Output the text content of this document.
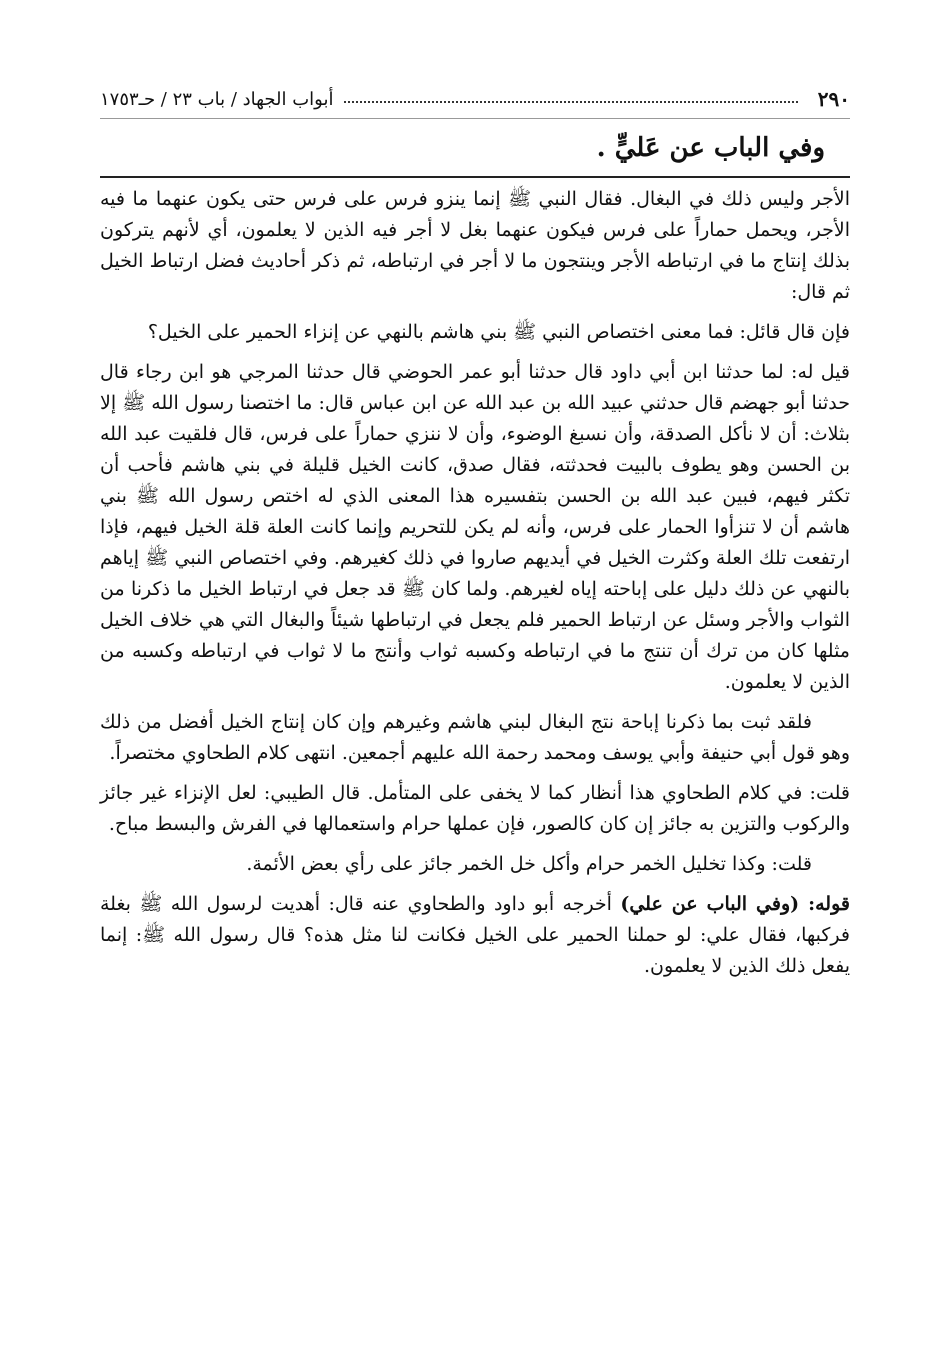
٢٩٠
أبواب الجهاد / باب ٢٣ / حـ١٧٥٣
وفي الباب عن عَليٍّ .

الأجر وليس ذلك في البغال. فقال النبي ﷺ إنما ينزو فرس على فرس حتى يكون عنهما ما فيه الأجر، ويحمل حماراً على فرس فيكون عنهما بغل لا أجر فيه الذين لا يعلمون، أي لأنهم يتركون بذلك إنتاج ما في ارتباطه الأجر وينتجون ما لا أجر في ارتباطه، ثم ذكر أحاديث فضل ارتباط الخيل ثم قال:

فإن قال قائل: فما معنى اختصاص النبي ﷺ بني هاشم بالنهي عن إنزاء الحمير على الخيل؟

قيل له: لما حدثنا ابن أبي داود قال حدثنا أبو عمر الحوضي قال حدثنا المرجي هو ابن رجاء قال حدثنا أبو جهضم قال حدثني عبيد الله بن عبد الله عن ابن عباس قال: ما اختصنا رسول الله ﷺ إلا بثلاث: أن لا نأكل الصدقة، وأن نسبغ الوضوء، وأن لا ننزي حماراً على فرس، قال فلقيت عبد الله بن الحسن وهو يطوف بالبيت فحدثته، فقال صدق، كانت الخيل قليلة في بني هاشم فأحب أن تكثر فيهم، فبين عبد الله بن الحسن بتفسيره هذا المعنى الذي له اختص رسول الله ﷺ بني هاشم أن لا تنزأوا الحمار على فرس، وأنه لم يكن للتحريم وإنما كانت العلة قلة الخيل فيهم، فإذا ارتفعت تلك العلة وكثرت الخيل في أيديهم صاروا في ذلك كغيرهم. وفي اختصاص النبي ﷺ إياهم بالنهي عن ذلك دليل على إباحته إياه لغيرهم. ولما كان ﷺ قد جعل في ارتباط الخيل ما ذكرنا من الثواب والأجر وسئل عن ارتباط الحمير فلم يجعل في ارتباطها شيئاً والبغال التي هي خلاف الخيل مثلها كان من ترك أن تنتج ما في ارتباطه وكسبه ثواب وأنتج ما لا ثواب في ارتباطه وكسبه من الذين لا يعلمون.

فلقد ثبت بما ذكرنا إباحة نتج البغال لبني هاشم وغيرهم وإن كان إنتاج الخيل أفضل من ذلك وهو قول أبي حنيفة وأبي يوسف ومحمد رحمة الله عليهم أجمعين. انتهى كلام الطحاوي مختصراً.

قلت: في كلام الطحاوي هذا أنظار كما لا يخفى على المتأمل. قال الطيبي: لعل الإنزاء غير جائز والركوب والتزين به جائز إن كان كالصور، فإن عملها حرام واستعمالها في الفرش والبسط مباح.

قلت: وكذا تخليل الخمر حرام وأكل خل الخمر جائز على رأي بعض الأئمة.

قوله: (وفي الباب عن علي) أخرجه أبو داود والطحاوي عنه قال: أهديت لرسول الله ﷺ بغلة فركبها، فقال علي: لو حملنا الحمير على الخيل فكانت لنا مثل هذه؟ قال رسول الله ﷺ: إنما يفعل ذلك الذين لا يعلمون.
